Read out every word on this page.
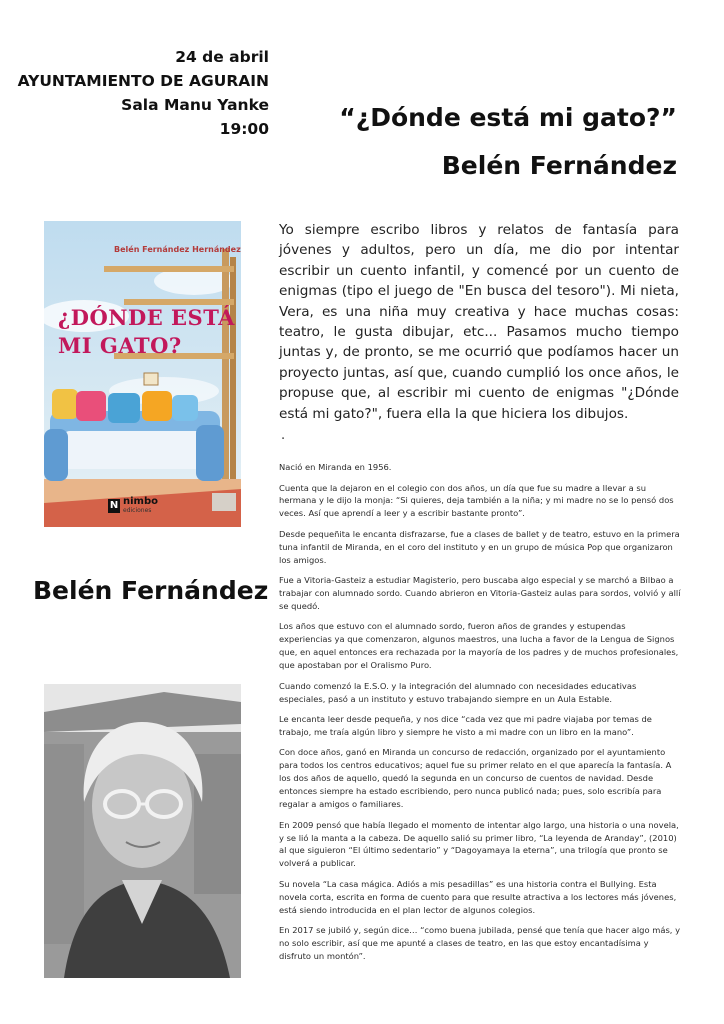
24 de abril
AYUNTAMIENTO DE AGURAIN
Sala Manu Yanke
19:00	“¿Dónde está mi gato?”
Belén Fernández
Belén Fernández Hernández
¿DÓNDE ESTÁ
MI GATO?
N nimbo
ediciones

Yo siempre escribo libros y relatos de fantasía para jóvenes y adultos, pero un día, me dio por intentar escribir un cuento infantil, y comencé por un cuento de enigmas (tipo el juego de "En busca del tesoro"). Mi nieta, Vera, es una niña muy creativa y hace muchas cosas: teatro, le gusta dibujar, etc... Pasamos mucho tiempo juntas y, de pronto, se me ocurrió que podíamos hacer un proyecto juntas, así que, cuando cumplió los once años, le propuse que, al escribir mi cuento de enigmas "¿Dónde está mi gato?", fuera ella la que hiciera los dibujos.

.
Belén Fernández

Nació en Miranda en 1956.

Cuenta que la dejaron en el colegio con dos años, un día que fue su madre a llevar a su hermana y le dijo la monja: “Si quieres, deja también a la niña; y mi madre no se lo pensó dos veces. Así que aprendí a leer y a escribir bastante pronto”.

Desde pequeñita le encanta disfrazarse, fue a clases de ballet y de teatro, estuvo en la primera tuna infantil de Miranda, en el coro del instituto y en un grupo de música Pop que organizaron los amigos.

Fue a Vitoria-Gasteiz a estudiar Magisterio, pero buscaba algo especial y se marchó a Bilbao a trabajar con alumnado sordo. Cuando abrieron en Vitoria-Gasteiz aulas para sordos, volvió y allí se quedó.

Los años que estuvo con el alumnado sordo, fueron años de grandes y estupendas experiencias ya que comenzaron, algunos maestros, una lucha a favor de la Lengua de Signos que, en aquel entonces era rechazada por la mayoría de los padres y de muchos profesionales, que apostaban por el Oralismo Puro.

Cuando comenzó la E.S.O. y la integración del alumnado con necesidades educativas especiales, pasó a un instituto y estuvo trabajando siempre en un Aula Estable.

Le encanta leer desde pequeña, y nos dice “cada vez que mi padre viajaba por temas de trabajo, me traía algún libro y siempre he visto a mi madre con un libro en la mano”.

Con doce años, ganó en Miranda un concurso de redacción, organizado por el ayuntamiento para todos los centros educativos; aquel fue su primer relato en el que aparecía la fantasía. A los dos años de aquello, quedó la segunda en un concurso de cuentos de navidad. Desde entonces siempre ha estado escribiendo, pero nunca publicó nada; pues, solo escribía para regalar a amigos o familiares.

En 2009 pensó que había llegado el momento de intentar algo largo, una historia o una novela, y se lió la manta a la cabeza. De aquello salió su primer libro, “La leyenda de Aranday”, (2010) al que siguieron “El último sedentario” y “Dagoyamaya la eterna”, una trilogía que pronto se volverá a publicar.

Su novela “La casa mágica. Adiós a mis pesadillas” es una historia contra el Bullying. Esta novela corta, escrita en forma de cuento para que resulte atractiva a los lectores más jóvenes, está siendo introducida en el plan lector de algunos colegios.

En 2017 se jubiló y, según dice… “como buena jubilada, pensé que tenía que hacer algo más, y no solo escribir, así que me apunté a clases de teatro, en las que estoy encantadísima y disfruto un montón”.
